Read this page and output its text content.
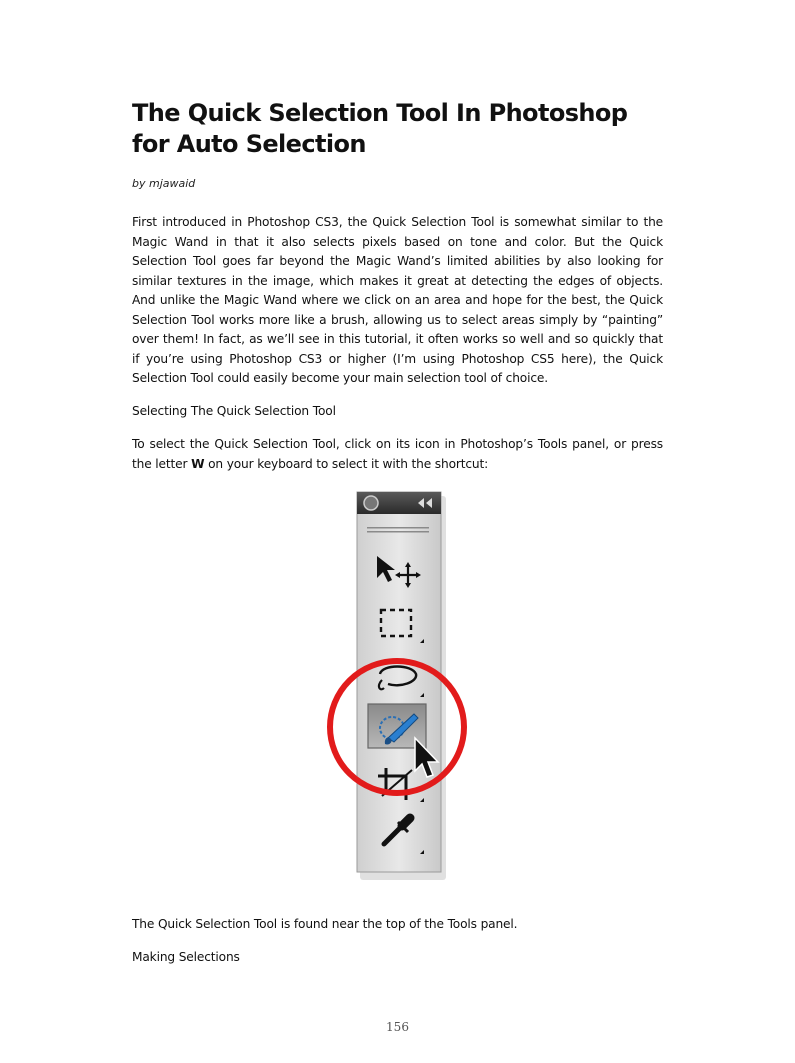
The Quick Selection Tool In Photoshop for Auto Selection
by mjawaid

First introduced in Photoshop CS3, the Quick Selection Tool is somewhat similar to the Magic Wand in that it also selects pixels based on tone and color. But the Quick Selection Tool goes far beyond the Magic Wand’s limited abilities by also looking for similar textures in the image, which makes it great at detecting the edges of objects. And unlike the Magic Wand where we click on an area and hope for the best, the Quick Selection Tool works more like a brush, allowing us to select areas simply by “painting” over them! In fact, as we’ll see in this tutorial, it often works so well and so quickly that if you’re using Photoshop CS3 or higher (I’m using Photoshop CS5 here), the Quick Selection Tool could easily become your main selection tool of choice.

Selecting The Quick Selection Tool

To select the Quick Selection Tool, click on its icon in Photoshop’s Tools panel, or press the letter W on your keyboard to select it with the shortcut:

The Quick Selection Tool is found near the top of the Tools panel.

Making Selections

156
